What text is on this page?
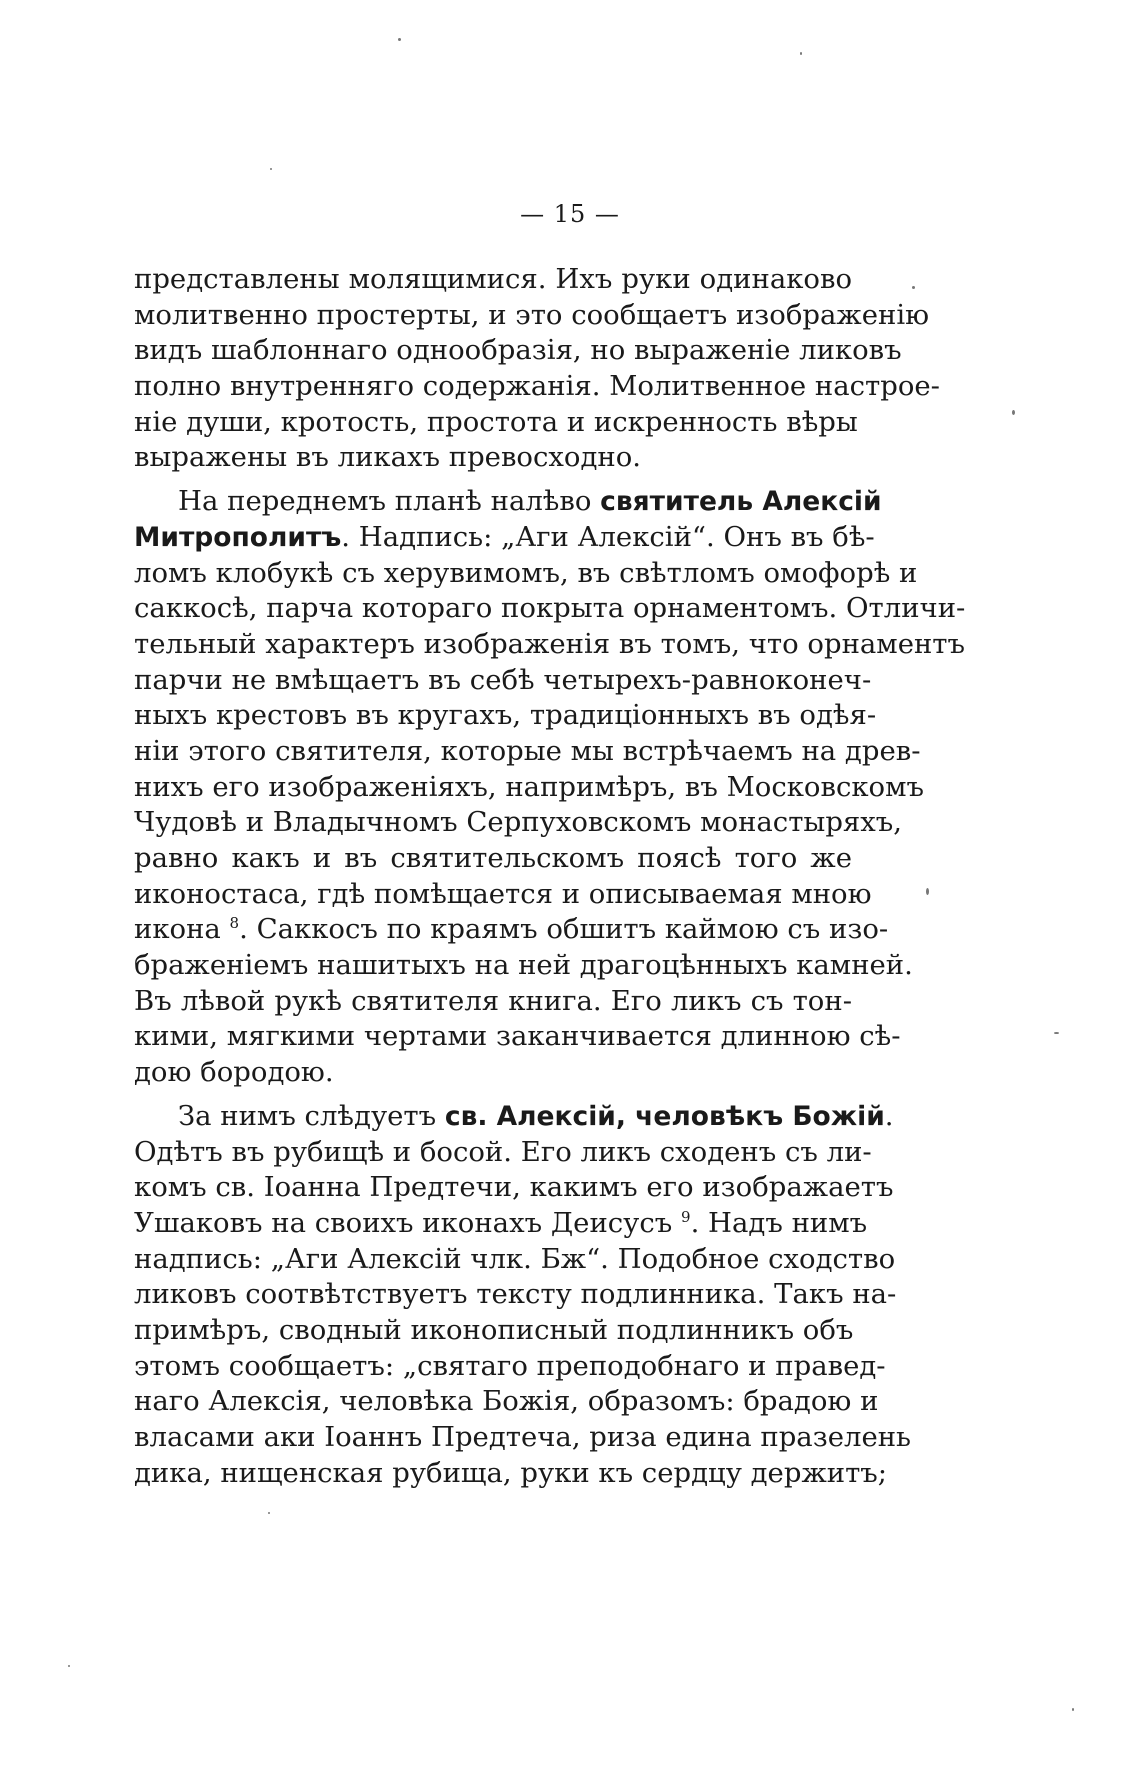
— 15 —
представлены молящимися. Ихъ руки одинаково
молитвенно простерты, и это сообщаетъ изображенію
видъ шаблоннаго однообразія, но выраженіе ликовъ
полно внутренняго содержанія. Молитвенное настрое-
ніе души, кротость, простота и искренность вѣры
выражены въ ликахъ превосходно.
На переднемъ планѣ налѣво святитель Алексій
Митрополитъ. Надпись: „Аги Алексій“. Онъ въ бѣ-
ломъ клобукѣ съ херувимомъ, въ свѣтломъ омофорѣ и
саккосѣ, парча котораго покрыта орнаментомъ. Отличи-
тельный характеръ изображенія въ томъ, что орнаментъ
парчи не вмѣщаетъ въ себѣ четырехъ-равноконеч-
ныхъ крестовъ въ кругахъ, традиціонныхъ въ одѣя-
ніи этого святителя, которые мы встрѣчаемъ на древ-
нихъ его изображеніяхъ, напримѣръ, въ Московскомъ
Чудовѣ и Владычномъ Серпуховскомъ монастыряхъ,
равно какъ и въ святительскомъ поясѣ того же
иконостаса, гдѣ помѣщается и описываемая мною
икона $^8$. Саккосъ по краямъ обшитъ каймою съ изо-
браженіемъ нашитыхъ на ней драгоцѣнныхъ камней.
Въ лѣвой рукѣ святителя книга. Его ликъ съ тон-
кими, мягкими чертами заканчивается длинною сѣ-
дою бородою.
За нимъ слѣдуетъ св. Алексій, человѣкъ Божій.
Одѣтъ въ рубищѣ и босой. Его ликъ сходенъ съ ли-
комъ св. Іоанна Предтечи, какимъ его изображаетъ
Ушаковъ на своихъ иконахъ Деисусъ $^9$. Надъ нимъ
надпись: „Аги Алексій члк. Бж“. Подобное сходство
ликовъ соотвѣтствуетъ тексту подлинника. Такъ на-
примѣръ, сводный иконописный подлинникъ объ
этомъ сообщаетъ: „святаго преподобнаго и правед-
наго Алексія, человѣка Божія, образомъ: брадою и
власами аки Іоаннъ Предтеча, риза едина празелень
дика, нищенская рубища, руки къ сердцу держитъ;
